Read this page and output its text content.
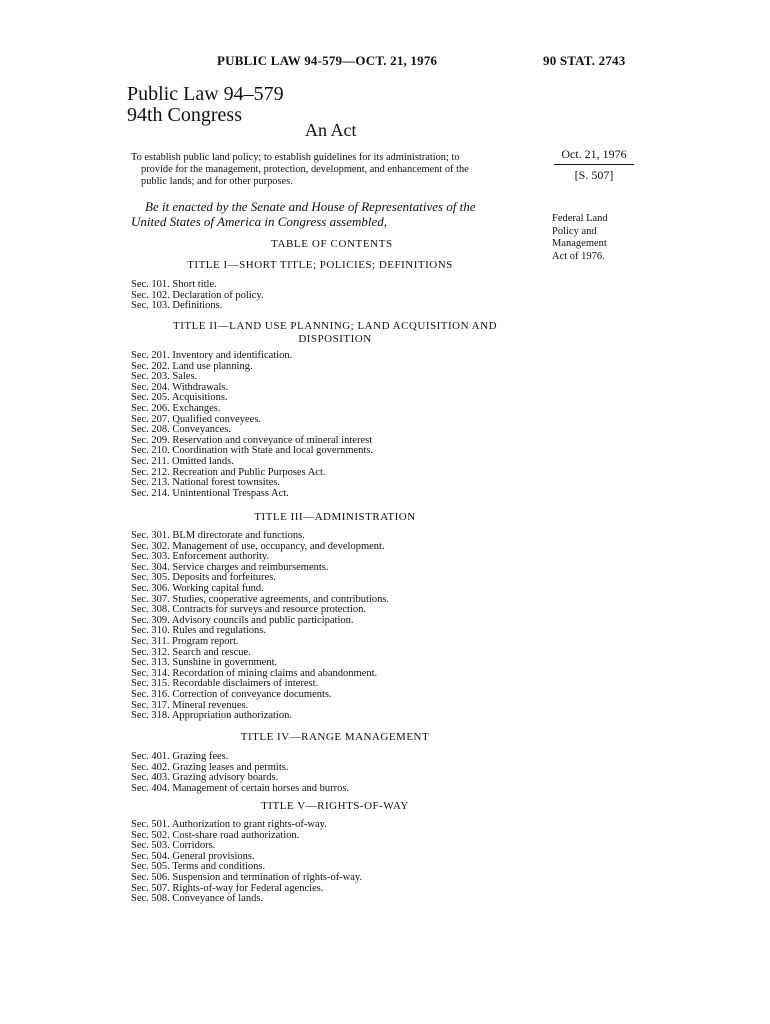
PUBLIC LAW 94-579—OCT. 21, 1976	90 STAT. 2743
Public Law 94–579
94th Congress
An Act
To establish public land policy; to establish guidelines for its administration; to
provide for the management, protection, development, and enhancement of the
public lands; and for other purposes.
Oct. 21, 1976
[S. 507]
Be it enacted by the Senate and House of Representatives of the
United States of America in Congress assembled,	Federal Land
Policy and
Management
Act of 1976.
TABLE OF CONTENTS
TITLE I—SHORT TITLE; POLICIES; DEFINITIONS
Sec. 101. Short title.
Sec. 102. Declaration of policy.
Sec. 103. Definitions.
TITLE II—LAND USE PLANNING; LAND ACQUISITION AND
DISPOSITION
Sec. 201. Inventory and identification.
Sec. 202. Land use planning.
Sec. 203. Sales.
Sec. 204. Withdrawals.
Sec. 205. Acquisitions.
Sec. 206. Exchanges.
Sec. 207. Qualified conveyees.
Sec. 208. Conveyances.
Sec. 209. Reservation and conveyance of mineral interest
Sec. 210. Coordination with State and local governments.
Sec. 211. Omitted lands.
Sec. 212. Recreation and Public Purposes Act.
Sec. 213. National forest townsites.
Sec. 214. Unintentional Trespass Act.
TITLE III—ADMINISTRATION
Sec. 301. BLM directorate and functions.
Sec. 302. Management of use, occupancy, and development.
Sec. 303. Enforcement authority.
Sec. 304. Service charges and reimbursements.
Sec. 305. Deposits and forfeitures.
Sec. 306. Working capital fund.
Sec. 307. Studies, cooperative agreements, and contributions.
Sec. 308. Contracts for surveys and resource protection.
Sec. 309. Advisory councils and public participation.
Sec. 310. Rules and regulations.
Sec. 311. Program report.
Sec. 312. Search and rescue.
Sec. 313. Sunshine in government.
Sec. 314. Recordation of mining claims and abandonment.
Sec. 315. Recordable disclaimers of interest.
Sec. 316. Correction of conveyance documents.
Sec. 317. Mineral revenues.
Sec. 318. Appropriation authorization.
TITLE IV—RANGE MANAGEMENT
Sec. 401. Grazing fees.
Sec. 402. Grazing leases and permits.
Sec. 403. Grazing advisory boards.
Sec. 404. Management of certain horses and burros.
TITLE V—RIGHTS-OF-WAY
Sec. 501. Authorization to grant rights-of-way.
Sec. 502. Cost-share road authorization.
Sec. 503. Corridors.
Sec. 504. General provisions.
Sec. 505. Terms and conditions.
Sec. 506. Suspension and termination of rights-of-way.
Sec. 507. Rights-of-way for Federal agencies.
Sec. 508. Conveyance of lands.
